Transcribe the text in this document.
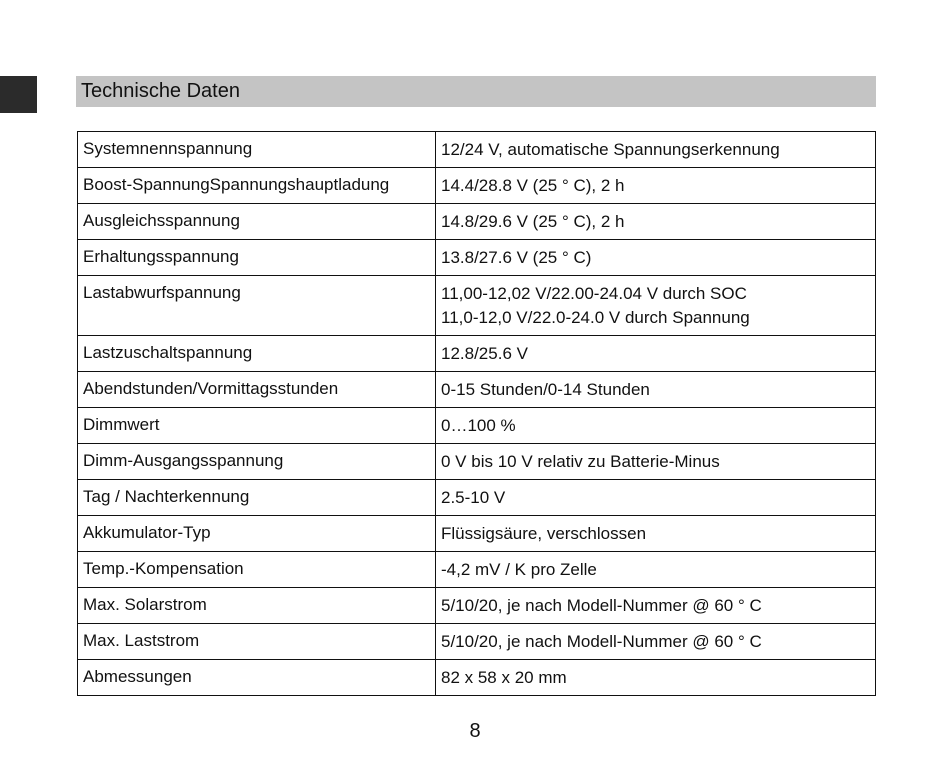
Technische Daten
Systemnennspannung	12/24 V, automatische Spannungserkennung

Boost-SpannungSpannungshauptladung	14.4/28.8 V (25 ° C), 2 h

Ausgleichsspannung	14.8/29.6 V (25 ° C), 2 h

Erhaltungsspannung	13.8/27.6 V (25 ° C)

Lastabwurfspannung	11,00-12,02 V/22.00-24.04 V durch SOC
11,0-12,0 V/22.0-24.0 V durch Spannung

Lastzuschaltspannung	12.8/25.6 V

Abendstunden/Vormittagsstunden	0-15 Stunden/0-14 Stunden

Dimmwert	0…100 %

Dimm-Ausgangsspannung	0 V bis 10 V relativ zu Batterie-Minus

Tag / Nachterkennung	2.5-10 V

Akkumulator-Typ	Flüssigsäure, verschlossen

Temp.-Kompensation	-4,2 mV / K pro Zelle

Max. Solarstrom	5/10/20, je nach Modell-Nummer @ 60 ° C

Max. Laststrom	5/10/20, je nach Modell-Nummer @ 60 ° C

Abmessungen	82 x 58 x 20 mm
8
